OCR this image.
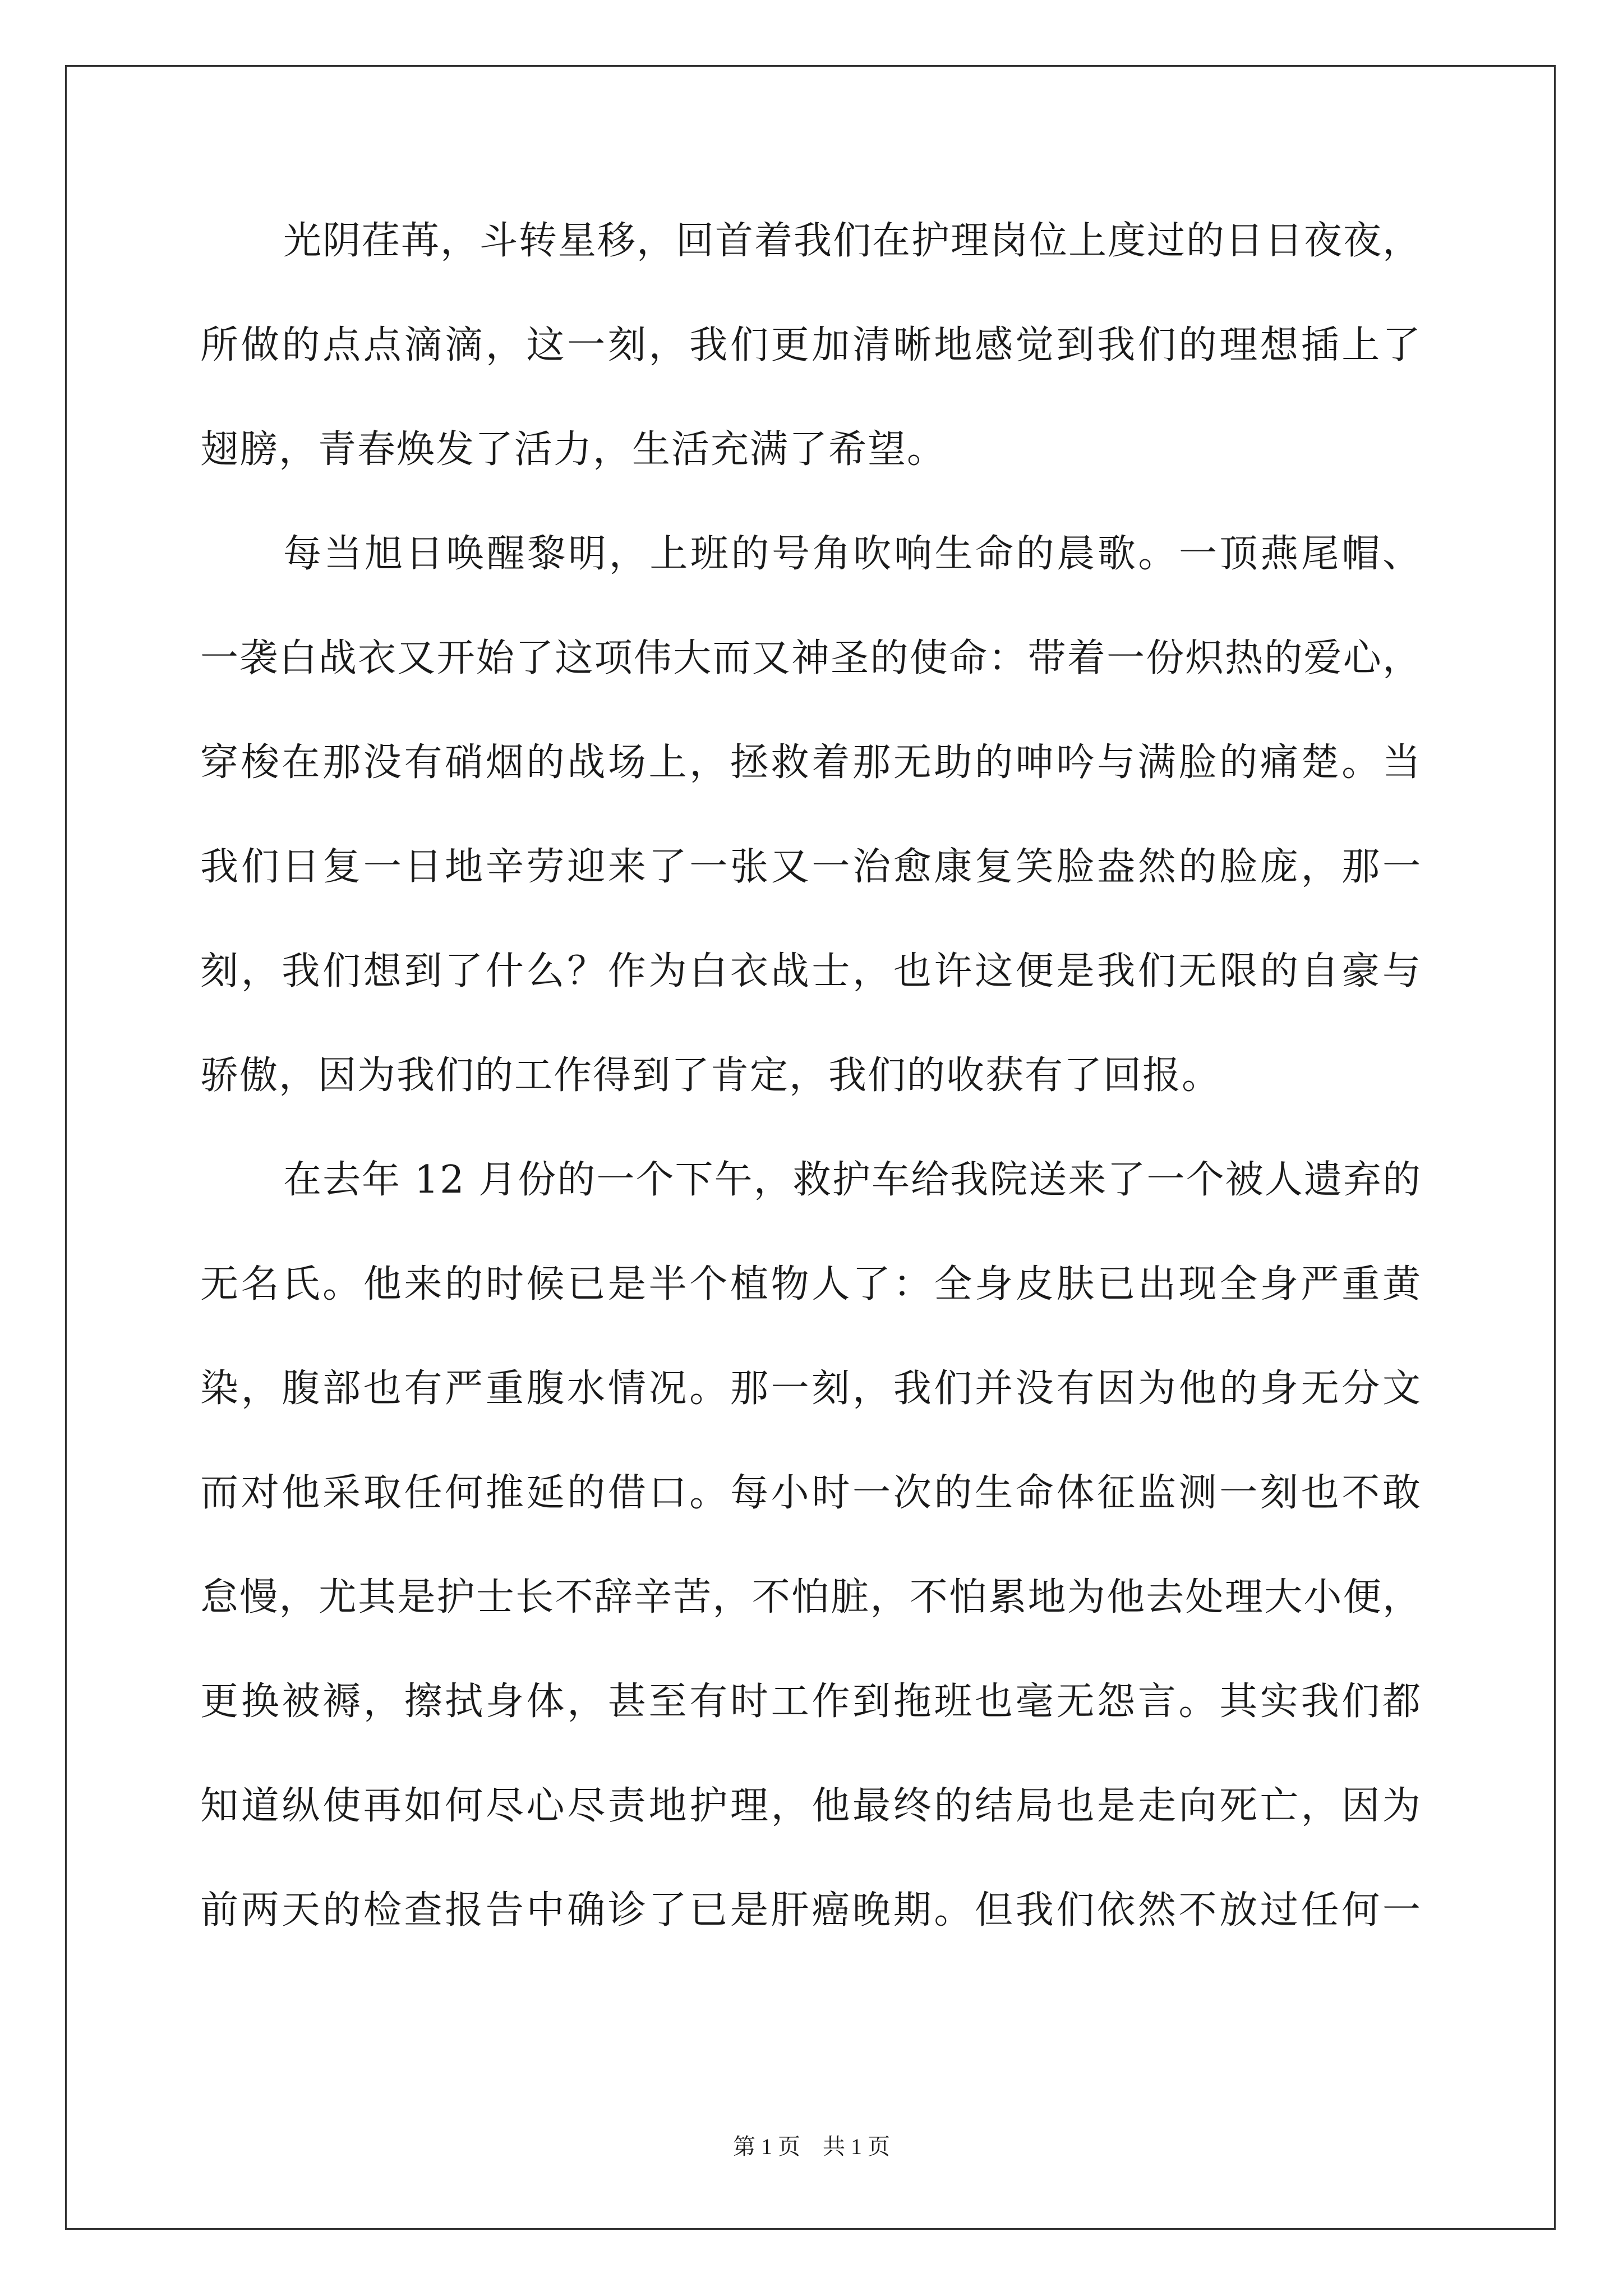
光阴荏苒，斗转星移，回首着我们在护理岗位上度过的日日夜夜，
所做的点点滴滴，这一刻，我们更加清晰地感觉到我们的理想插上了
翅膀，青春焕发了活力，生活充满了希望。
每当旭日唤醒黎明，上班的号角吹响生命的晨歌。一顶燕尾帽、
一袭白战衣又开始了这项伟大而又神圣的使命：带着一份炽热的爱心，
穿梭在那没有硝烟的战场上，拯救着那无助的呻吟与满脸的痛楚。当
我们日复一日地辛劳迎来了一张又一治愈康复笑脸盎然的脸庞，那一
刻，我们想到了什么？作为白衣战士，也许这便是我们无限的自豪与
骄傲，因为我们的工作得到了肯定，我们的收获有了回报。
在去年 12 月份的一个下午，救护车给我院送来了一个被人遗弃的
无名氏。他来的时候已是半个植物人了：全身皮肤已出现全身严重黄
染，腹部也有严重腹水情况。那一刻，我们并没有因为他的身无分文
而对他采取任何推延的借口。每小时一次的生命体征监测一刻也不敢
怠慢，尤其是护士长不辞辛苦，不怕脏，不怕累地为他去处理大小便，
更换被褥，擦拭身体，甚至有时工作到拖班也毫无怨言。其实我们都
知道纵使再如何尽心尽责地护理，他最终的结局也是走向死亡，因为
前两天的检查报告中确诊了已是肝癌晚期。但我们依然不放过任何一
第 1 页　共 1 页
